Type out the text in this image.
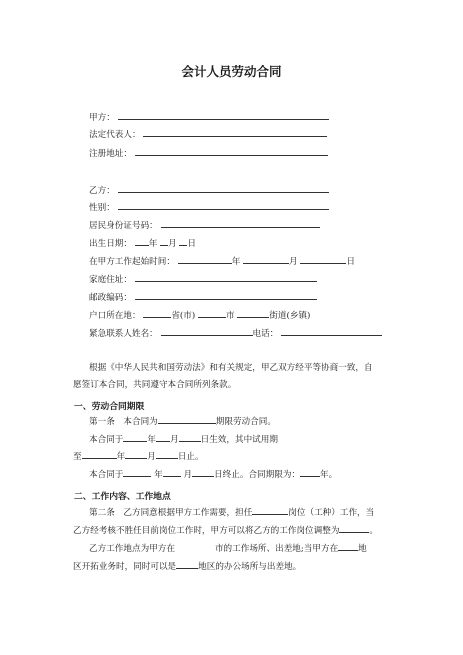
会计人员劳动合同
甲方：
法定代表人：
注册地址：
乙方：
性别：
居民身份证号码：
出生日期： 年 月 日
在甲方工作起始时间：	年	月	日
家庭住址：
邮政编码：
户口所在地：	省(市)	市	街道(乡镇)
紧急联系人姓名：	电话：
根据《中华人民共和国劳动法》和有关规定，甲乙双方经平等协商一致，自
愿签订本合同，共同遵守本合同所列条款。
一、劳动合同期限
第一条　本合同为	期限劳动合同。
本合同于	年 月	日生效，其中试用期
至	年	月	日止。
本合同于	年 月	日终止。合同期限为： 年。
二、工作内容、工作地点
第二条　乙方同意根据甲方工作需要，担任	岗位（工种）工作，当
乙方经考核不胜任目前岗位工作时，甲方可以将乙方的工作岗位调整为	。
乙方工作地点为甲方在	市的工作场所、出差地;当甲方在 地
区开拓业务时，同时可以是	地区的办公场所与出差地。
